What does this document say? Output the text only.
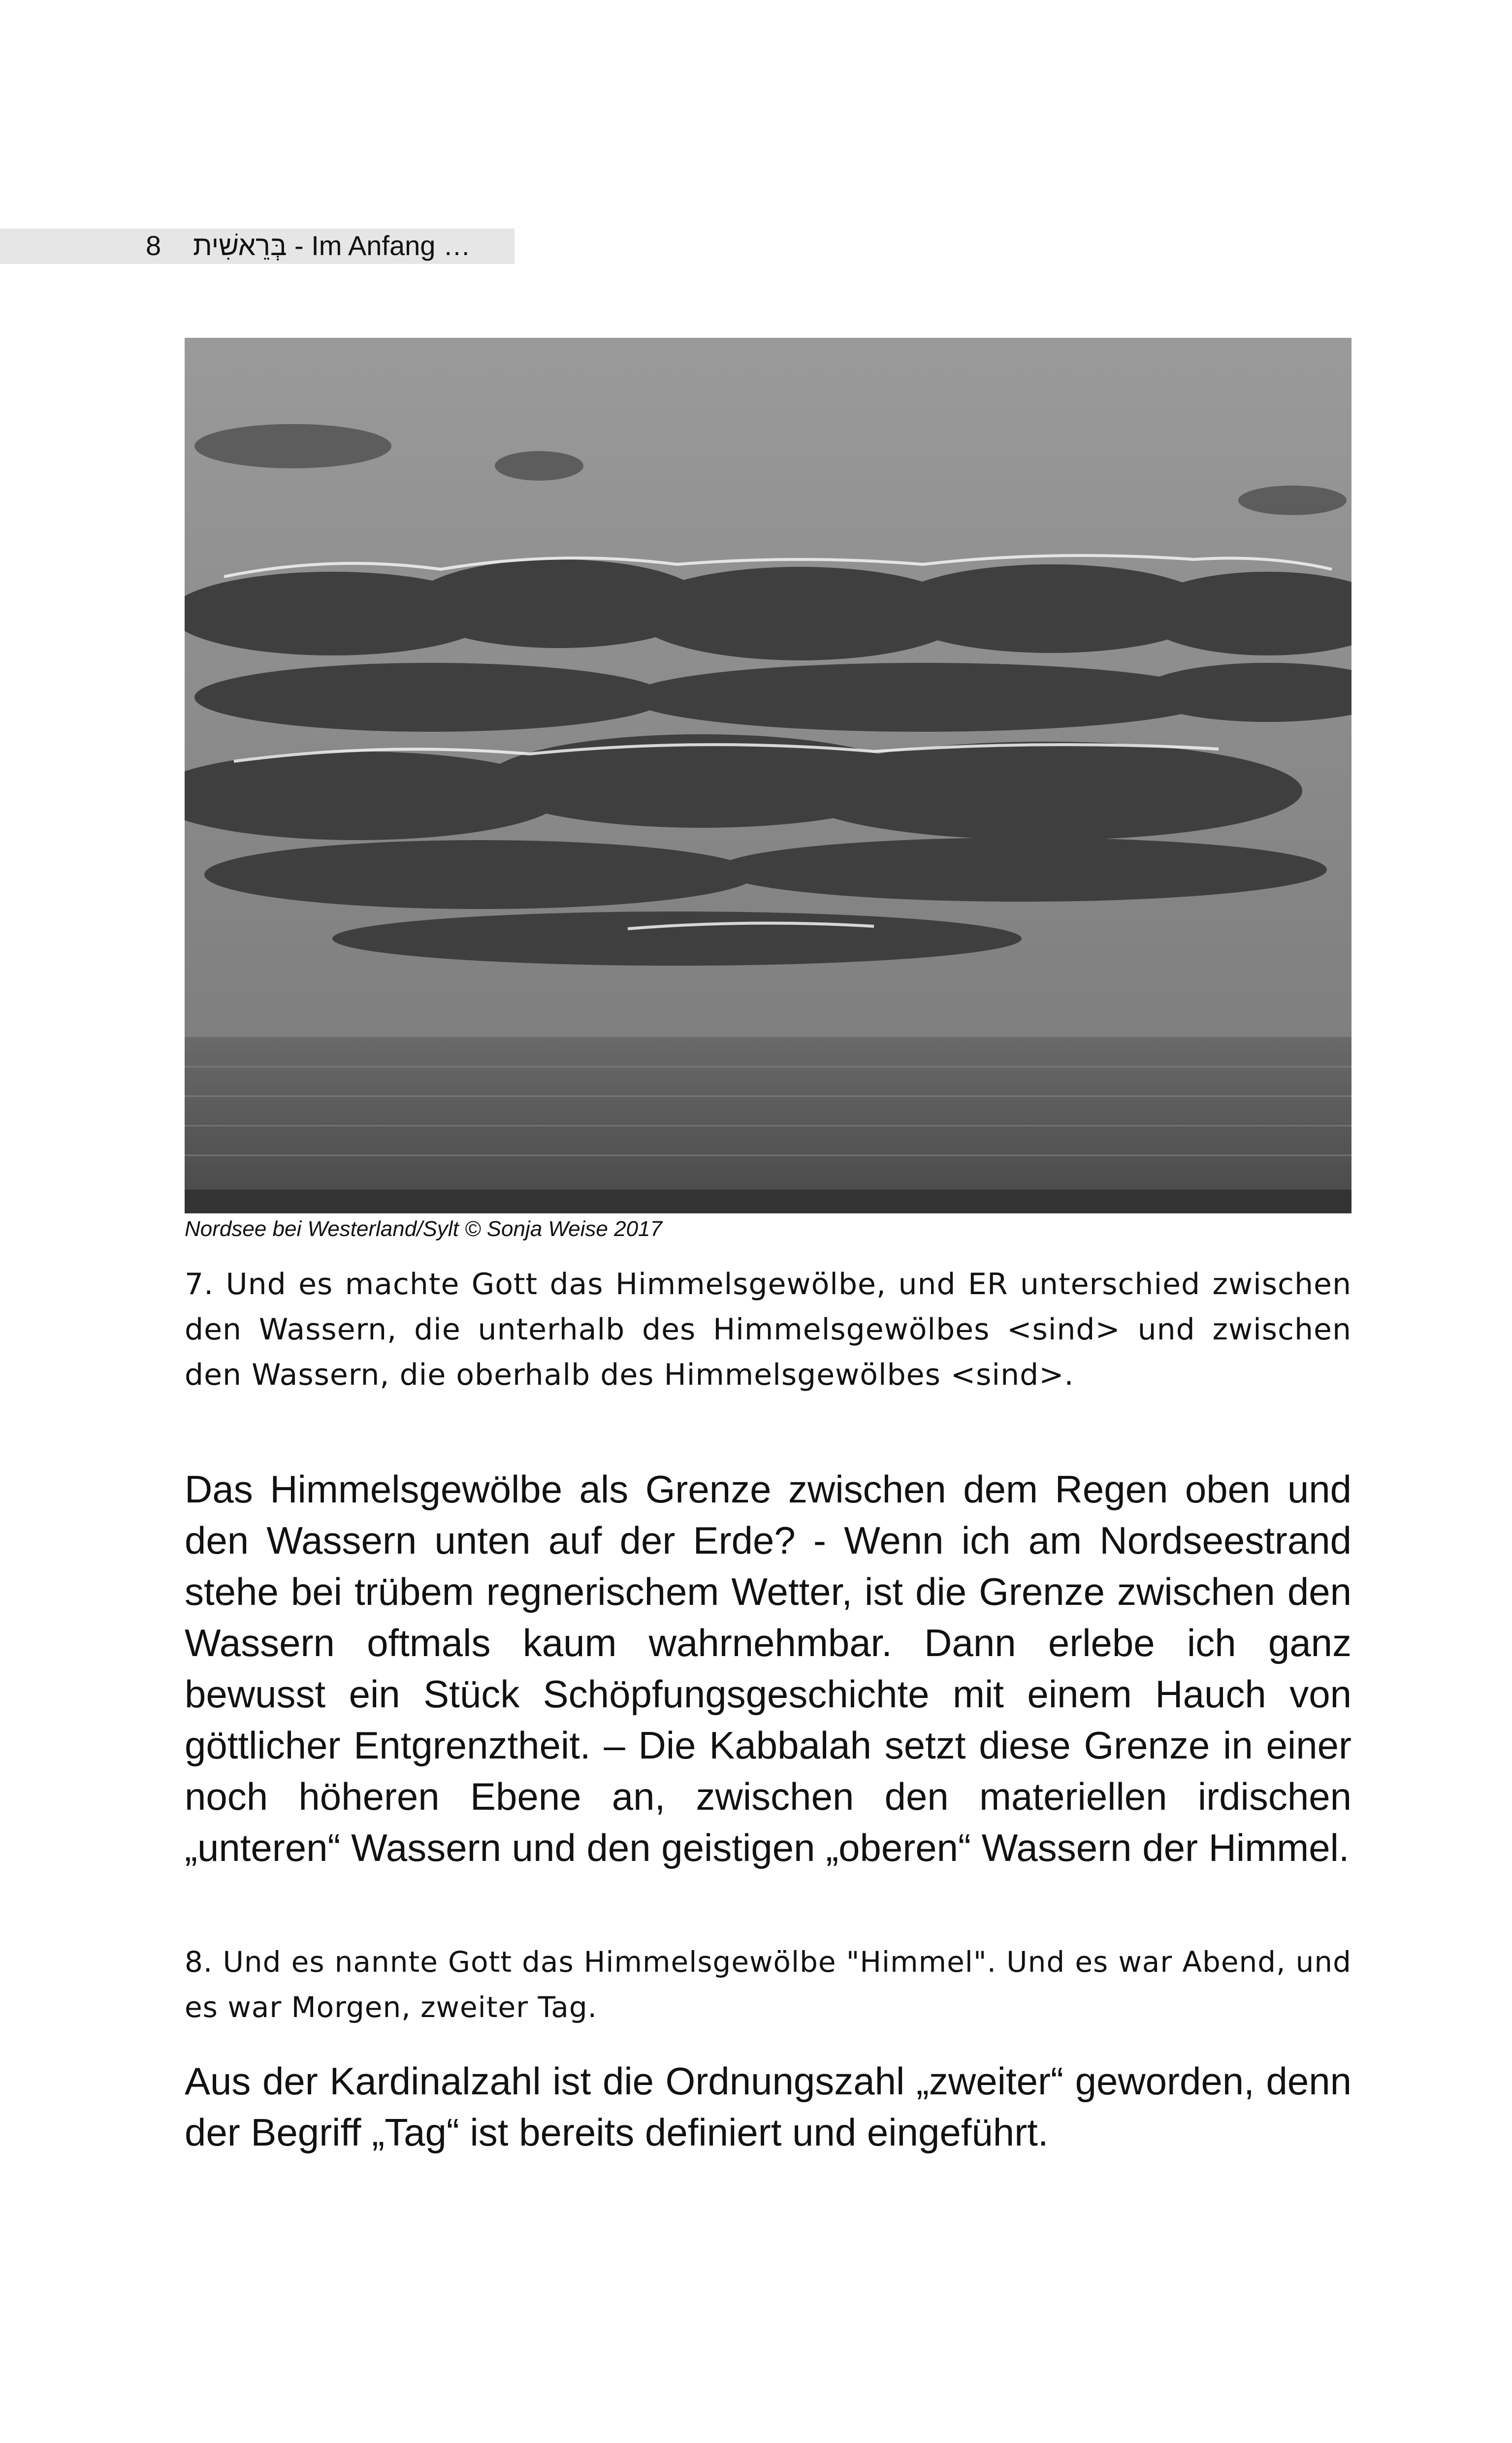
8 בְּרֵאשִׁית - Im Anfang …
Nordsee bei Westerland/Sylt © Sonja Weise 2017
7. Und es machte Gott das Himmelsgewölbe, und ER unterschied zwischen den Wassern, die unterhalb des Himmelsgewölbes <sind> und zwischen den Wassern, die oberhalb des Himmelsgewölbes <sind>.
Das Himmelsgewölbe als Grenze zwischen dem Regen oben und den Wassern unten auf der Erde? - Wenn ich am Nordseestrand stehe bei trübem regnerischem Wetter, ist die Grenze zwischen den Wassern oftmals kaum wahrnehmbar. Dann erlebe ich ganz bewusst ein Stück Schöpfungsgeschichte mit einem Hauch von göttlicher Entgrenztheit. – Die Kabbalah setzt diese Grenze in einer noch höheren Ebene an, zwischen den materiellen irdischen „unteren“ Wassern und den geistigen „oberen“ Wassern der Himmel.
8. Und es nannte Gott das Himmelsgewölbe "Himmel". Und es war Abend, und es war Morgen, zweiter Tag.
Aus der Kardinalzahl ist die Ordnungszahl „zweiter“ geworden, denn der Begriff „Tag“ ist bereits definiert und eingeführt.
